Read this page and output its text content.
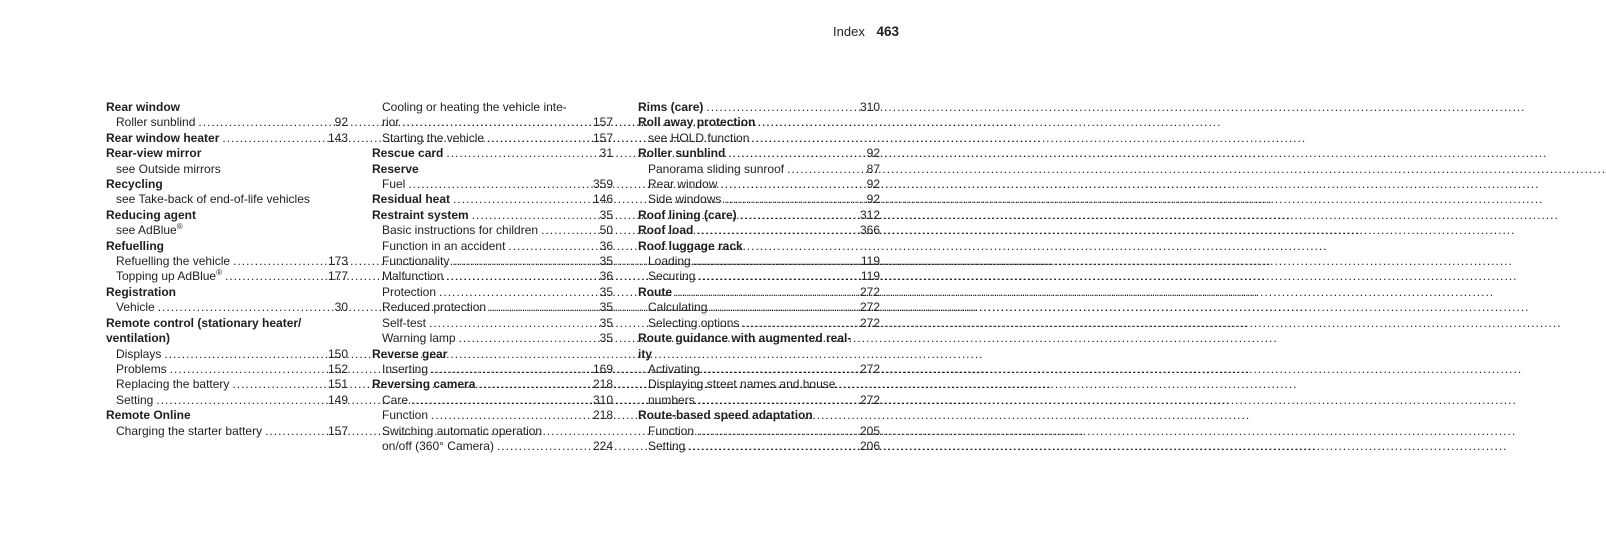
Index 463
Rear window
Roller sunblind .....	92
Rear window heater .....	143
Rear-view mirror
see Outside mirrors
Recycling
see Take-back of end-of-life vehicles
Reducing agent
see AdBlue®
Refuelling
Refuelling the vehicle .....	173
Topping up AdBlue® .....	177
Registration
Vehicle .....	30
Remote control (stationary heater/
ventilation)
Displays .....	150
Problems .....	152
Replacing the battery .....	151
Setting .....	149
Remote Online
Charging the starter battery .....	157
Cooling or heating the vehicle inte-
rior .....	157
Starting the vehicle .....	157
Rescue card .....	31
Reserve
Fuel .....	359
Residual heat .....	146
Restraint system .....	35
Basic instructions for children .....	50
Function in an accident .....	36
Functionality .....	35
Malfunction .....	36
Protection .....	35
Reduced protection .....	35
Self-test .....	35
Warning lamp .....	35
Reverse gear
Inserting .....	169
Reversing camera .....	218
Care .....	310
Function .....	218
Switching automatic operation
on/off (360° Camera) .....	224
Rims (care) .....	310
Roll away protection
see HOLD function
Roller sunblind .....	92
Panorama sliding sunroof .....	87
Rear window .....	92
Side windows .....	92
Roof lining (care) .....	312
Roof load .....	366
Roof luggage rack
Loading .....	119
Securing .....	119
Route .....	272
Calculating .....	272
Selecting options .....	272
Route guidance with augmented real-
ity
Activating .....	272
Displaying street names and house
numbers .....	272
Route-based speed adaptation
Function .....	205
Setting .....	206
